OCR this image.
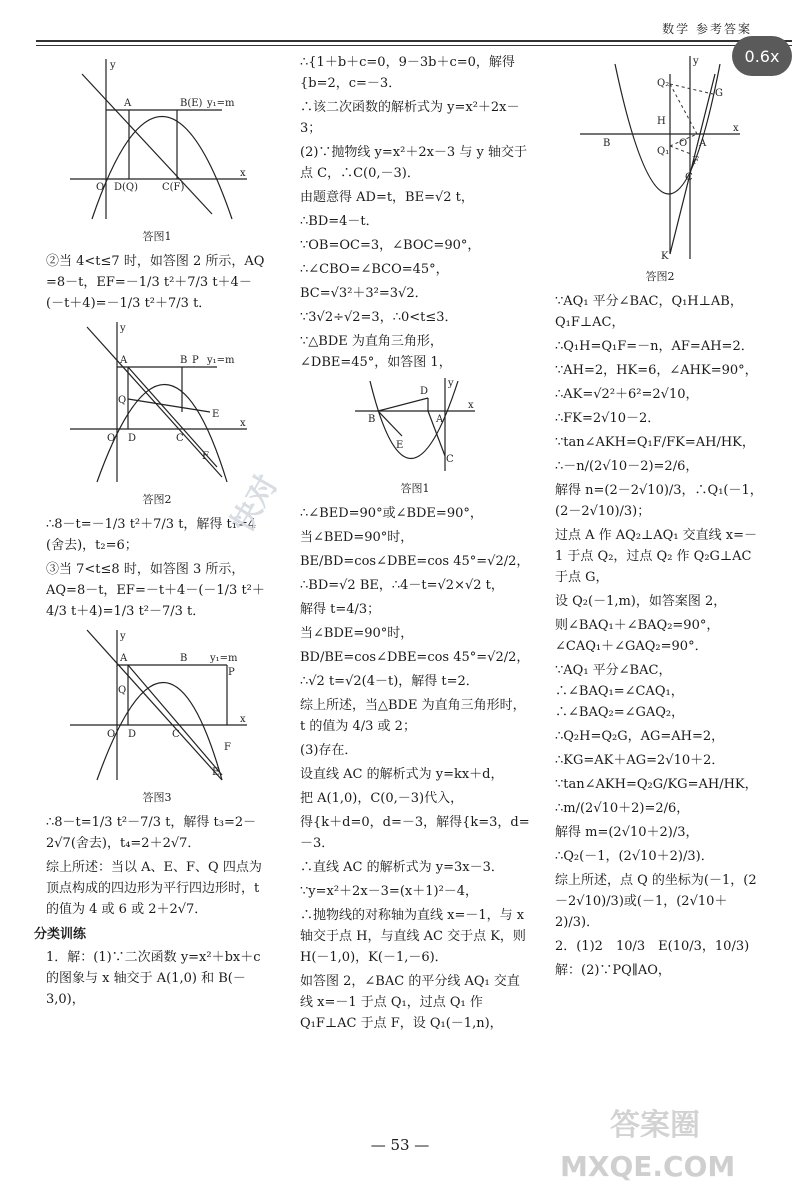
数学 参考答案
0.6x
y
x
A	B(E) y₁=m
O D(Q) C(F)
答图1

②当 4<t≤7 时，如答图 2 所示，AQ =8－t，EF=－1/3 t²＋7/3 t＋4－(－t＋4)=－1/3 t²＋7/3 t．

y
x
A	B P y₁=m
Q
O D	C
E
F
答图2

∴8－t=－1/3 t²＋7/3 t，解得 t₁=4 (舍去)，t₂=6；

③当 7<t≤8 时，如答图 3 所示，AQ=8－t，EF=－t＋4－(－1/3 t²＋4/3 t＋4)=1/3 t²－7/3 t．

y
x
A	B y₁=m
P
Q
O D	C
F
E
答图3

∴8－t=1/3 t²－7/3 t，解得 t₃=2－2√7(舍去)，t₄=2＋2√7．

综上所述：当以 A、E、F、Q 四点为顶点构成的四边形为平行四边形时，t 的值为 4 或 6 或 2＋2√7．

分类训练

1．解：(1)∵二次函数 y=x²＋bx＋c 的图象与 x 轴交于 A(1,0) 和 B(－3,0)，

∴{1＋b＋c=0，9－3b＋c=0，解得{b=2，c=－3．

∴该二次函数的解析式为 y=x²＋2x－3；

(2)∵抛物线 y=x²＋2x－3 与 y 轴交于点 C，∴C(0,－3)．

由题意得 AD=t，BE=√2 t，

∴BD=4－t．

∵OB=OC=3，∠BOC=90°，

∴∠CBO=∠BCO=45°，

BC=√3²＋3²=3√2．

∵3√2÷√2=3，∴0<t≤3．

∵△BDE 为直角三角形，∠DBE=45°，如答图 1，

y
x
B
D
A
E
C
答图1

∴∠BED=90°或∠BDE=90°，

当∠BED=90°时，

BE/BD=cos∠DBE=cos 45°=√2/2，

∴BD=√2 BE，∴4－t=√2×√2 t，

解得 t=4/3；

当∠BDE=90°时，

BD/BE=cos∠DBE=cos 45°=√2/2，

∴√2 t=√2(4－t)，解得 t=2．

综上所述，当△BDE 为直角三角形时，t 的值为 4/3 或 2；

(3)存在．

设直线 AC 的解析式为 y=kx＋d，

把 A(1,0)，C(0,－3)代入，

得{k＋d=0，d=－3，解得{k=3，d=－3．

∴直线 AC 的解析式为 y=3x－3．

∵y=x²＋2x－3=(x＋1)²－4，

∴抛物线的对称轴为直线 x=－1，与 x 轴交于点 H，与直线 AC 交于点 K，则 H(－1,0)，K(－1,－6)．

如答图 2，∠BAC 的平分线 AQ₁ 交直线 x=－1 于点 Q₁，过点 Q₁ 作 Q₁F⊥AC 于点 F，设 Q₁(－1,n)，

y
x
B
Q₂
H
O A
Q₁
G
F
C
K
答图2

∵AQ₁ 平分∠BAC，Q₁H⊥AB，Q₁F⊥AC，

∴Q₁H=Q₁F=－n，AF=AH=2．

∵AH=2，HK=6，∠AHK=90°，

∴AK=√2²＋6²=2√10，

∴FK=2√10－2．

∵tan∠AKH=Q₁F/FK=AH/HK，

∴－n/(2√10－2)=2/6，

解得 n=(2－2√10)/3，∴Q₁(－1，(2－2√10)/3)；

过点 A 作 AQ₂⊥AQ₁ 交直线 x=－1 于点 Q₂，过点 Q₂ 作 Q₂G⊥AC 于点 G，

设 Q₂(－1,m)，如答案图 2，

则∠BAQ₁＋∠BAQ₂=90°，∠CAQ₁＋∠GAQ₂=90°．

∵AQ₁ 平分∠BAC，∴∠BAQ₁=∠CAQ₁，∴∠BAQ₂=∠GAQ₂，

∴Q₂H=Q₂G，AG=AH=2，

∴KG=AK＋AG=2√10＋2．

∵tan∠AKH=Q₂G/KG=AH/HK，

∴m/(2√10＋2)=2/6，

解得 m=(2√10＋2)/3，

∴Q₂(－1，(2√10＋2)/3)．

综上所述，点 Q 的坐标为(－1，(2－2√10)/3)或(－1，(2√10＋2)/3)．

2．(1)2　10/3　E(10/3，10/3)

解：(2)∵PQ∥AO，

— 53 —
快对
MXQE.COM
答案圈
